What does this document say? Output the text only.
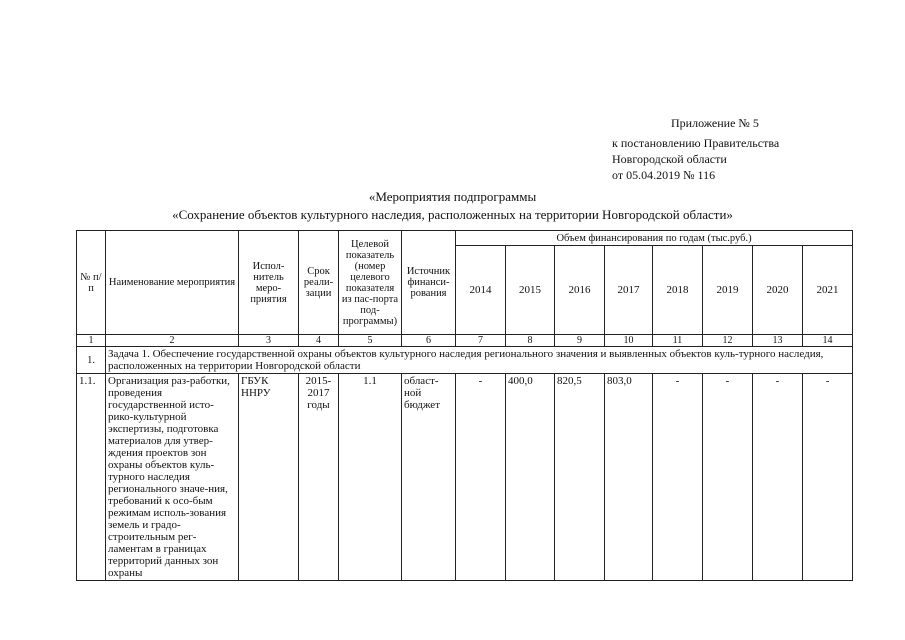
Приложение № 5
к постановлению Правительства
Новгородской области
от 05.04.2019 № 116
«Мероприятия подпрограммы
«Сохранение объектов культурного наследия, расположенных на территории Новгородской области»
№ п/п	Наименование мероприятия	Испол-нитель меро-приятия	Срок реали-зации	Целевой показатель (номер целевого показателя из пас-порта под-программы)	Источник финанси-рования	Объем финансирования по годам (тыс.руб.)							
						2014	2015	2016	2017	2018	2019	2020	2021
1	2	3	4	5	6	7	8	9	10	11	12	13	14
1.	Задача 1. Обеспечение государственной охраны объектов культурного наследия регионального значения и выявленных объектов куль-турного наследия, расположенных на территории Новгородской области												
1.1.	Организация раз-работки, проведения государственной исто-рико-культурной экспертизы, подготовка материалов для утвер-ждения проектов зон охраны объектов куль-турного наследия регионального значе-ния, требований к осо-бым режимам исполь-зования земель и градо-строительным рег-ламентам в границах территорий данных зон охраны	ГБУК ННРУ	2015-2017 годы	1.1	област-ной бюджет	-	400,0	820,5	803,0	-	-	-	-
